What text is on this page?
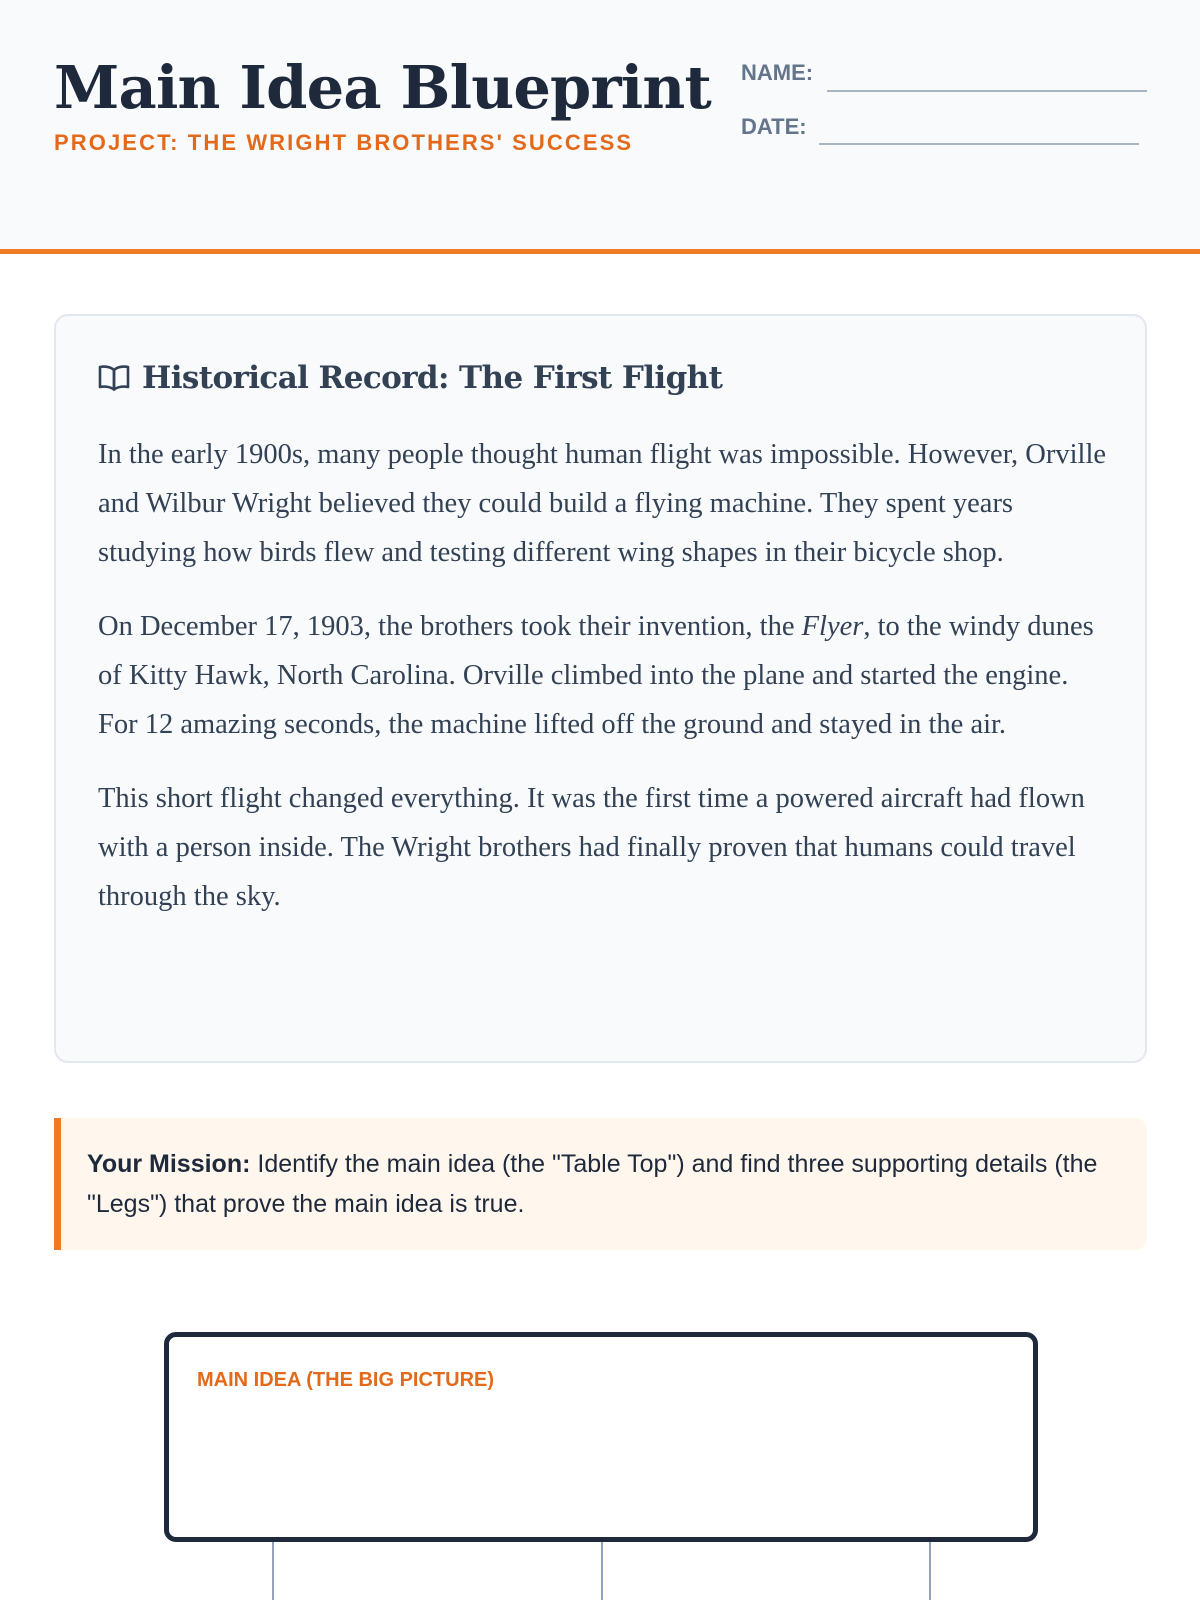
Main Idea Blueprint
PROJECT: THE WRIGHT BROTHERS' SUCCESS
NAME:
DATE:
Historical Record: The First Flight

In the early 1900s, many people thought human flight was impossible. However, Orville and Wilbur Wright believed they could build a flying machine. They spent years studying how birds flew and testing different wing shapes in their bicycle shop.

On December 17, 1903, the brothers took their invention, the Flyer, to the windy dunes of Kitty Hawk, North Carolina. Orville climbed into the plane and started the engine. For 12 amazing seconds, the machine lifted off the ground and stayed in the air.

This short flight changed everything. It was the first time a powered aircraft had flown with a person inside. The Wright brothers had finally proven that humans could travel through the sky.

Your Mission: Identify the main idea (the "Table Top") and find three supporting details (the "Legs") that prove the main idea is true.
MAIN IDEA (THE BIG PICTURE)
